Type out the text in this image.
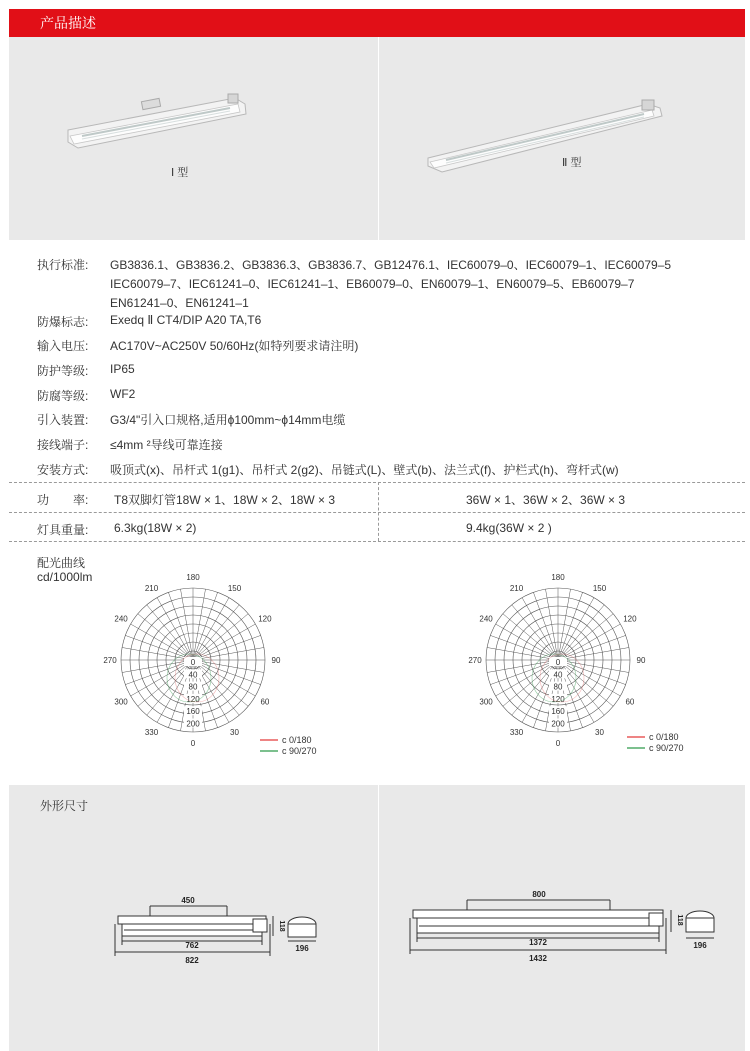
产品描述
Ⅰ 型
Ⅱ 型
执行标准: GB3836.1、GB3836.2、GB3836.3、GB3836.7、GB12476.1、IEC60079–0、IEC60079–1、IEC60079–5
IEC60079–7、IEC61241–0、IEC61241–1、EB60079–0、EN60079–1、EN60079–5、EB60079–7
EN61241–0、EN61241–1
防爆标志: Exedq Ⅱ CT4/DIP A20 TA,T6
输入电压: AC170V~AC250V 50/60Hz(如特列要求请注明)
防护等级: IP65
防腐等级: WF2
引入装置: G3/4"引入口规格,适用ϕ100mm~ϕ14mm电缆
接线端子: ≤4mm ²导线可靠连接
安装方式: 吸顶式(x)、吊杆式 1(g1)、吊杆式 2(g2)、吊链式(L)、壁式(b)、法兰式(f)、护栏式(h)、弯杆式(w)
功　　率: T8双脚灯管18W × 1、18W × 2、18W × 3	36W × 1、36W × 2、36W × 3
灯具重量: 6.3kg(18W × 2)	9.4kg(36W × 2 )
配光曲线
cd/1000lm	180
150
120
90
60
30
0
330
300
270
240
210
0
40
80
120
160
200
180
150
120
90
60
30
0
330
300
270
240
210
0
40
80
120
160
200
c 0/180
c 90/270
c 0/180
c 90/270
外形尺寸
450
762
822
118
196
800
1372
1432
118
196
